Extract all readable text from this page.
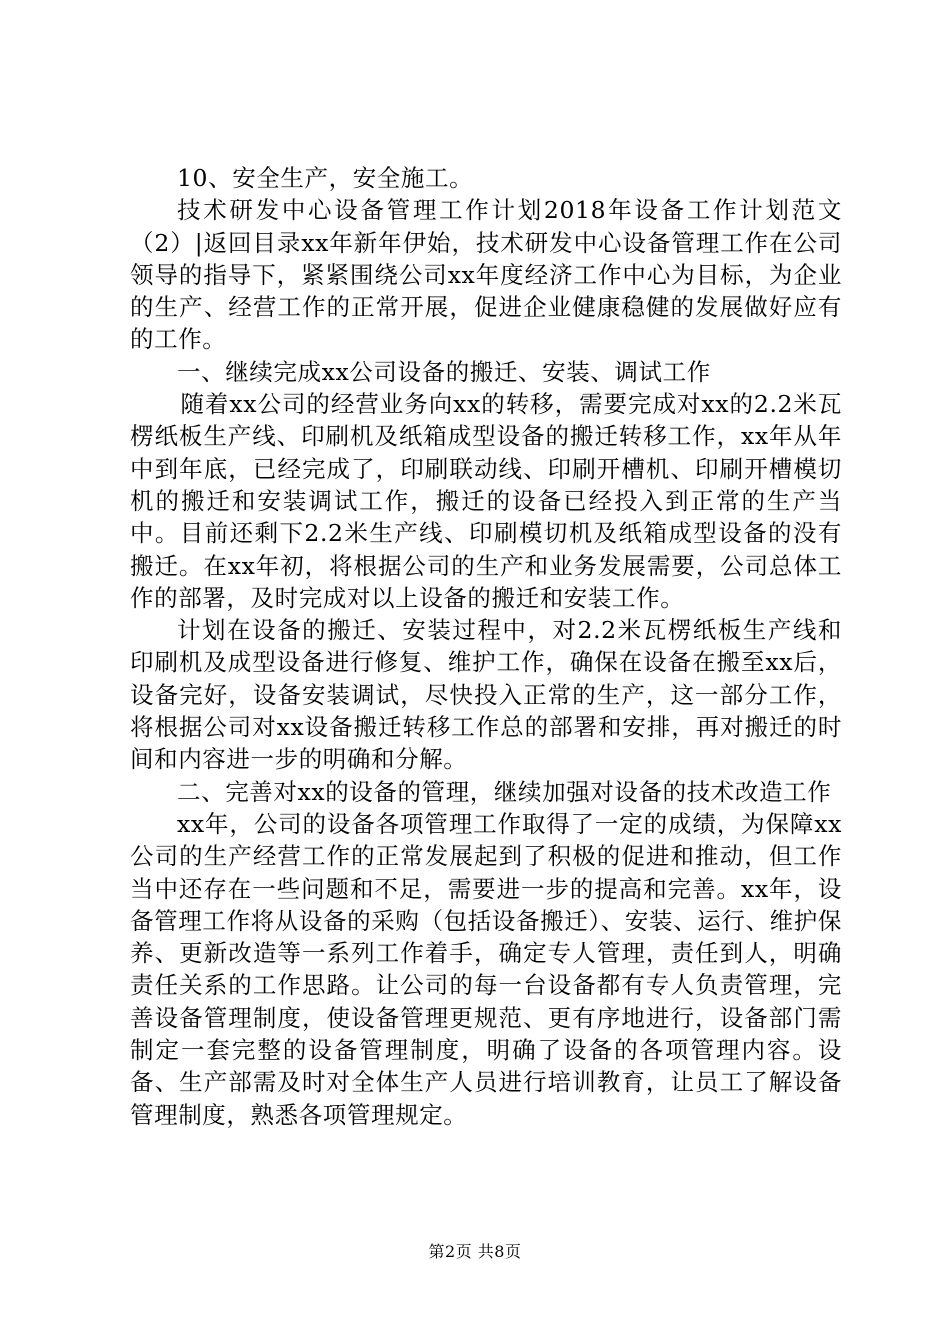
10、安全生产，安全施工。

技术研发中心设备管理工作计划2018年设备工作计划范文（2）|返回目录xx年新年伊始，技术研发中心设备管理工作在公司领导的指导下，紧紧围绕公司xx年度经济工作中心为目标，为企业的生产、经营工作的正常开展，促进企业健康稳健的发展做好应有的工作。

一、继续完成xx公司设备的搬迁、安装、调试工作

随着xx公司的经营业务向xx的转移，需要完成对xx的2.2米瓦楞纸板生产线、印刷机及纸箱成型设备的搬迁转移工作，xx年从年中到年底，已经完成了，印刷联动线、印刷开槽机、印刷开槽模切机的搬迁和安装调试工作，搬迁的设备已经投入到正常的生产当中。目前还剩下2.2米生产线、印刷模切机及纸箱成型设备的没有搬迁。在xx年初，将根据公司的生产和业务发展需要，公司总体工作的部署，及时完成对以上设备的搬迁和安装工作。

计划在设备的搬迁、安装过程中，对2.2米瓦楞纸板生产线和印刷机及成型设备进行修复、维护工作，确保在设备在搬至xx后，设备完好，设备安装调试，尽快投入正常的生产，这一部分工作，将根据公司对xx设备搬迁转移工作总的部署和安排，再对搬迁的时间和内容进一步的明确和分解。

二、完善对xx的设备的管理，继续加强对设备的技术改造工作

xx年，公司的设备各项管理工作取得了一定的成绩，为保障xx公司的生产经营工作的正常发展起到了积极的促进和推动，但工作当中还存在一些问题和不足，需要进一步的提高和完善。xx年，设备管理工作将从设备的采购（包括设备搬迁）、安装、运行、维护保养、更新改造等一系列工作着手，确定专人管理，责任到人，明确责任关系的工作思路。让公司的每一台设备都有专人负责管理，完善设备管理制度，使设备管理更规范、更有序地进行，设备部门需制定一套完整的设备管理制度，明确了设备的各项管理内容。设备、生产部需及时对全体生产人员进行培训教育，让员工了解设备管理制度，熟悉各项管理规定。

第2页 共8页
